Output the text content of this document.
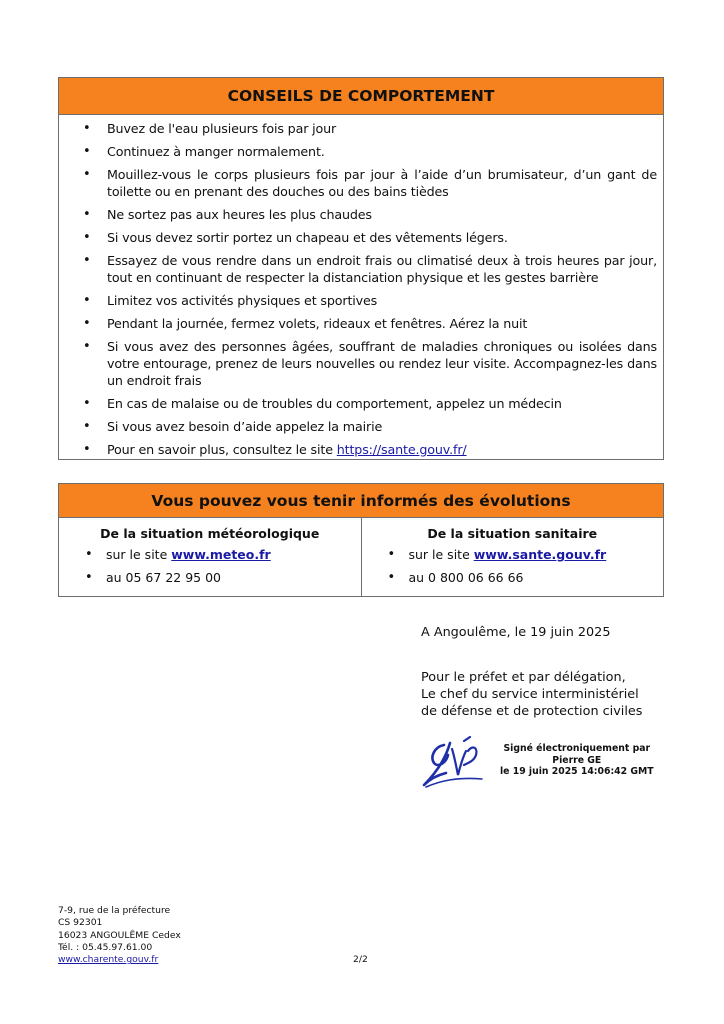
CONSEILS DE COMPORTEMENT
• Buvez de l'eau plusieurs fois par jour
• Continuez à manger normalement.
• Mouillez-vous le corps plusieurs fois par jour à l’aide d’un brumisateur, d’un gant de toilette ou en prenant des douches ou des bains tièdes
• Ne sortez pas aux heures les plus chaudes
• Si vous devez sortir portez un chapeau et des vêtements légers.
• Essayez de vous rendre dans un endroit frais ou climatisé deux à trois heures par jour, tout en continuant de respecter la distanciation physique et les gestes barrière
• Limitez vos activités physiques et sportives
• Pendant la journée, fermez volets, rideaux et fenêtres. Aérez la nuit
• Si vous avez des personnes âgées, souffrant de maladies chroniques ou isolées dans votre entourage, prenez de leurs nouvelles ou rendez leur visite. Accompagnez-les dans un endroit frais
• En cas de malaise ou de troubles du comportement, appelez un médecin
• Si vous avez besoin d’aide appelez la mairie
• Pour en savoir plus, consultez le site https://sante.gouv.fr/
Vous pouvez vous tenir informés des évolutions
De la situation météorologique
• sur le site www.meteo.fr
• au 05 67 22 95 00
De la situation sanitaire
• sur le site www.sante.gouv.fr
• au 0 800 06 66 66
A Angoulême, le 19 juin 2025
Pour le préfet et par délégation,
Le chef du service interministériel
de défense et de protection civiles
Signé électroniquement par
Pierre GE
le 19 juin 2025 14:06:42 GMT
7-9, rue de la préfecture
CS 92301
16023 ANGOULÊME Cedex
Tél. : 05.45.97.61.00
www.charente.gouv.fr	2/2
